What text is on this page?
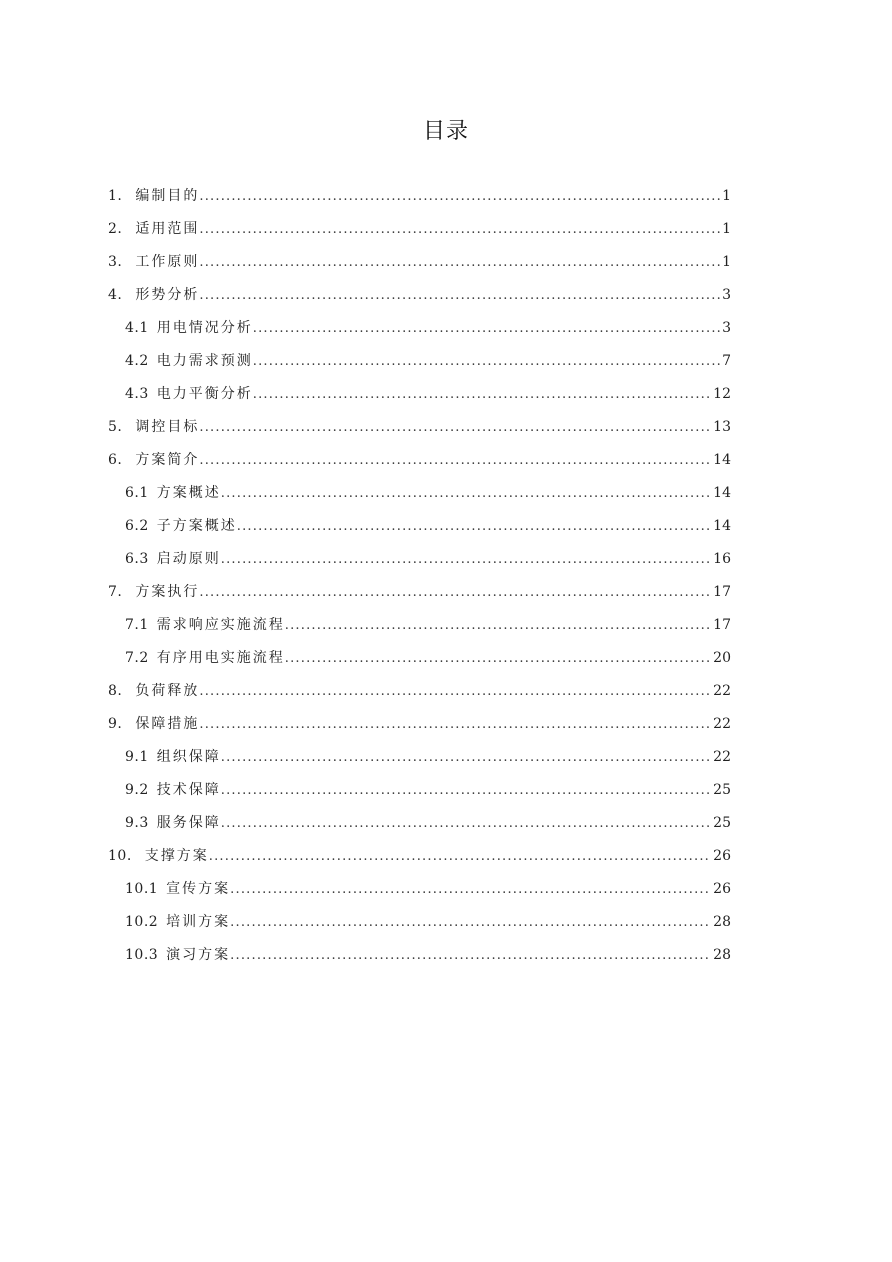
目录
1. 编制目的 .....	1
2. 适用范围 .....	1
3. 工作原则 .....	1
4. 形势分析 .....	3
4.1 用电情况分析 .....	3
4.2 电力需求预测 .....	7
4.3 电力平衡分析 .....	12
5. 调控目标 .....	13
6. 方案简介 .....	14
6.1 方案概述 .....	14
6.2 子方案概述 .....	14
6.3 启动原则 .....	16
7. 方案执行 .....	17
7.1 需求响应实施流程 .....	17
7.2 有序用电实施流程 .....	20
8. 负荷释放 .....	22
9. 保障措施 .....	22
9.1 组织保障 .....	22
9.2 技术保障 .....	25
9.3 服务保障 .....	25
10. 支撑方案 .....	26
10.1 宣传方案 .....	26
10.2 培训方案 .....	28
10.3 演习方案 .....	28
